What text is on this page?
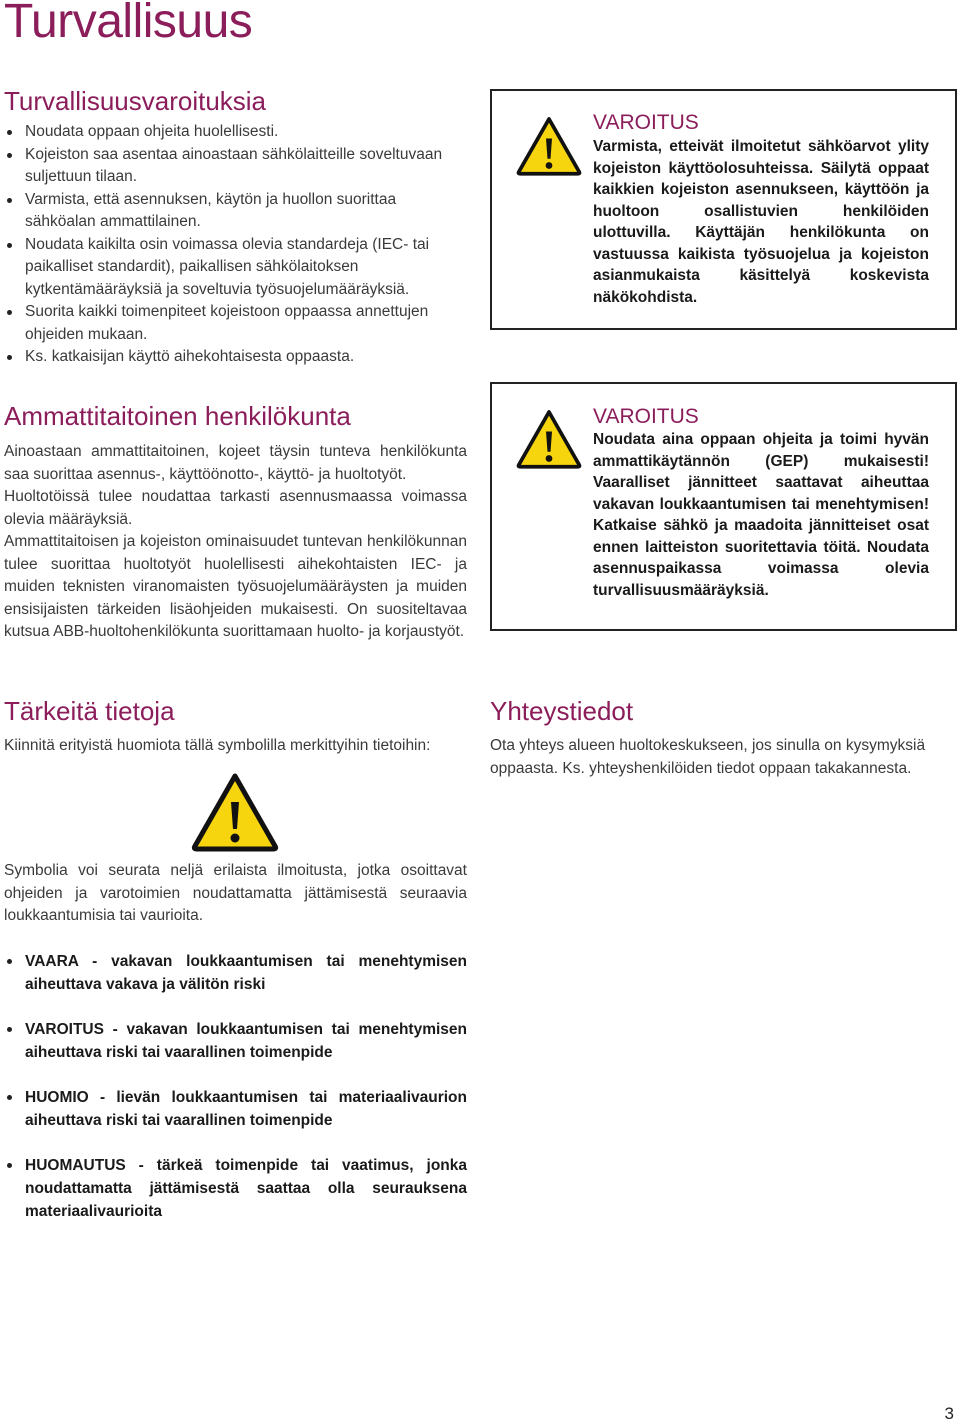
Turvallisuus
Turvallisuusvaroituksia
Noudata oppaan ohjeita huolellisesti.
Kojeiston saa asentaa ainoastaan sähkölaitteille soveltuvaan suljettuun tilaan.
Varmista, että asennuksen, käytön ja huollon suorittaa sähköalan ammattilainen.
Noudata kaikilta osin voimassa olevia standardeja (IEC- tai paikalliset standardit), paikallisen sähkölaitoksen kytkentämääräyksiä ja soveltuvia työsuojelumääräyksiä.
Suorita kaikki toimenpiteet kojeistoon oppaassa annettujen ohjeiden mukaan.
Ks. katkaisijan käyttö aihekohtaisesta oppaasta.
Ammattitaitoinen henkilökunta

Ainoastaan ammattitaitoinen, kojeet täysin tunteva henkilökunta saa suorittaa asennus-, käyttöönotto-, käyttö- ja huoltotyöt.

Huoltotöissä tulee noudattaa tarkasti asennusmaassa voimassa olevia määräyksiä.

Ammattitaitoisen ja kojeiston ominaisuudet tuntevan henkilökunnan tulee suorittaa huoltotyöt huolellisesti aihekohtaisten IEC- ja muiden teknisten viranomaisten työsuojelumääräysten ja muiden ensisijaisten tärkeiden lisäohjeiden mukaisesti. On suositeltavaa kutsua ABB-huoltohenkilökunta suorittamaan huolto- ja korjaustyöt.

Tärkeitä tietoja

Kiinnitä erityistä huomiota tällä symbolilla merkittyihin tietoihin:

Symbolia voi seurata neljä erilaista ilmoitusta, jotka osoittavat ohjeiden ja varotoimien noudattamatta jättämisestä seuraavia loukkaantumisia tai vaurioita.

VAARA - vakavan loukkaantumisen tai menehtymisen aiheuttava vakava ja välitön riski
VAROITUS - vakavan loukkaantumisen tai menehtymisen aiheuttava riski tai vaarallinen toimenpide
HUOMIO - lievän loukkaantumisen tai materiaalivaurion aiheuttava riski tai vaarallinen toimenpide
HUOMAUTUS - tärkeä toimenpide tai vaatimus, jonka noudattamatta jättämisestä saattaa olla seurauksena materiaalivaurioita
VAROITUS
Varmista, etteivät ilmoitetut sähköarvot ylity kojeiston käyttöolosuhteissa. Säilytä oppaat kaikkien kojeiston asennukseen, käyttöön ja huoltoon osallistuvien henkilöiden ulottuvilla. Käyttäjän henkilökunta on vastuussa kaikista työsuojelua ja kojeiston asianmukaista käsittelyä koskevista näkökohdista.
VAROITUS
Noudata aina oppaan ohjeita ja toimi hyvän ammattikäytännön (GEP) mukaisesti! Vaaralliset jännitteet saattavat aiheuttaa vakavan loukkaantumisen tai menehtymisen! Katkaise sähkö ja maadoita jännitteiset osat ennen laitteiston suoritettavia töitä. Noudata asennuspaikassa voimassa olevia turvallisuusmääräyksiä.
Yhteystiedot

Ota yhteys alueen huoltokeskukseen, jos sinulla on kysymyksiä oppaasta. Ks. yhteyshenkilöiden tiedot oppaan takakannesta.

3
